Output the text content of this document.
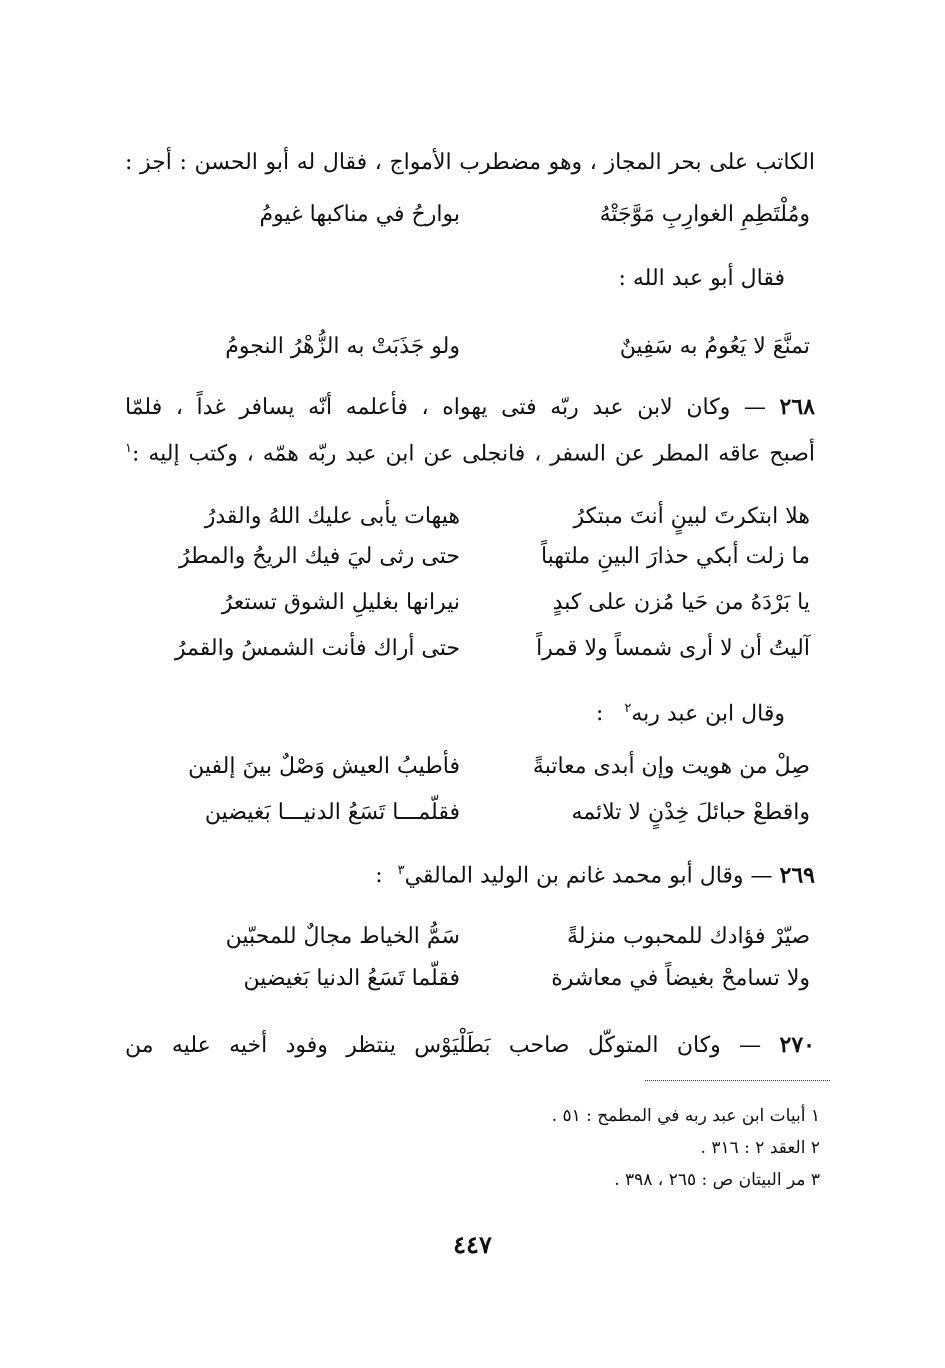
الكاتب على بحر المجاز ، وهو مضطرب الأمواج ، فقال له أبو الحسن : أجز :
ومُلْتَطِمِ الغوارِبِ مَوَّجَتْهُ
بوارحُ في مناكبها غيومُ
فقال أبو عبد الله :
تمنَّعَ لا يَعُومُ به سَفِينٌ
ولو جَذَبَتْ به الزُّهْرُ النجومُ
٢٦٨ — وكان لابن عبد ربّه فتى يهواه ، فأعلمه أنّه يسافر غداً ، فلمّا
أصبح عاقه المطر عن السفر ، فانجلى عن ابن عبد ربّه همّه ، وكتب إليه :$^١$
هلا ابتكرتَ لبينٍ أنتَ مبتكرُ
هيهات يأبى عليك اللهُ والقدرُ
ما زلت أبكي حذارَ البينِ ملتهباً
حتى رثى ليَ فيك الريحُ والمطرُ
يا بَرْدَهُ من حَيا مُزن على كبدٍ
نيرانها بغليلِ الشوق تستعرُ
آليتُ أن لا أرى شمساً ولا قمراً
حتى أراك فأنت الشمسُ والقمرُ
وقال ابن عبد ربه$^٢$ :
صِلْ من هويت وإن أبدى معاتبةً
فأطيبُ العيش وَصْلٌ بينَ إلفين
واقطعْ حبائلَ خِدْنٍ لا تلائمه
فقلّمـــا تَسَعُ الدنيـــا بَغيضين
٢٦٩ — وقال أبو محمد غانم بن الوليد المالقي$^٣$ :
صيّرْ فؤادك للمحبوب منزلةً
سَمُّ الخياط مجالٌ للمحبّين
ولا تسامحْ بغيضاً في معاشرة
فقلّما تَسَعُ الدنيا بَغيضين
٢٧٠ — وكان المتوكّل صاحب بَطَلْيَوْس ينتظر وفود أخيه عليه من
١ أبيات ابن عبد ربه في المطمح : ٥١ .
٢ العقد ٢ : ٣١٦ .
٣ مر البيتان ص : ٢٦٥ ، ٣٩٨ .
٤٤٧
